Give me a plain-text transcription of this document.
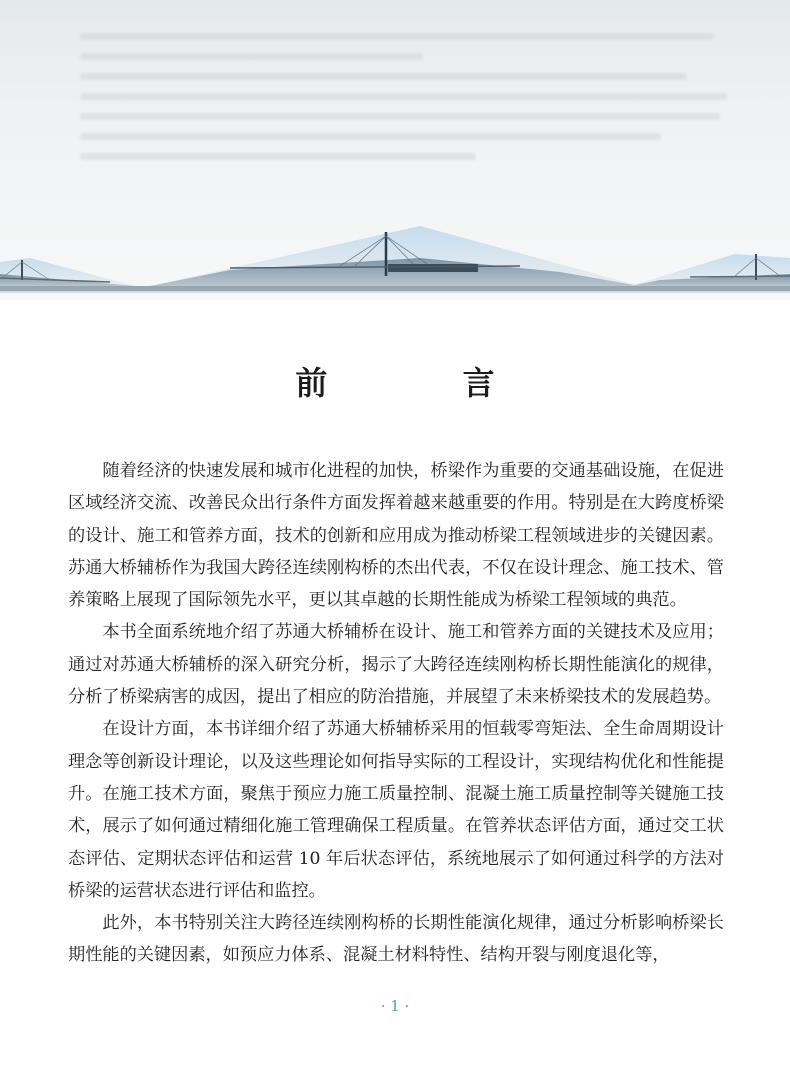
前 言

随着经济的快速发展和城市化进程的加快，桥梁作为重要的交通基础设施，在促进区域经济交流、改善民众出行条件方面发挥着越来越重要的作用。特别是在大跨度桥梁的设计、施工和管养方面，技术的创新和应用成为推动桥梁工程领域进步的关键因素。苏通大桥辅桥作为我国大跨径连续刚构桥的杰出代表，不仅在设计理念、施工技术、管养策略上展现了国际领先水平，更以其卓越的长期性能成为桥梁工程领域的典范。

本书全面系统地介绍了苏通大桥辅桥在设计、施工和管养方面的关键技术及应用；通过对苏通大桥辅桥的深入研究分析，揭示了大跨径连续刚构桥长期性能演化的规律，分析了桥梁病害的成因，提出了相应的防治措施，并展望了未来桥梁技术的发展趋势。

在设计方面，本书详细介绍了苏通大桥辅桥采用的恒载零弯矩法、全生命周期设计理念等创新设计理论，以及这些理论如何指导实际的工程设计，实现结构优化和性能提升。在施工技术方面，聚焦于预应力施工质量控制、混凝土施工质量控制等关键施工技术，展示了如何通过精细化施工管理确保工程质量。在管养状态评估方面，通过交工状态评估、定期状态评估和运营 10 年后状态评估，系统地展示了如何通过科学的方法对桥梁的运营状态进行评估和监控。

此外，本书特别关注大跨径连续刚构桥的长期性能演化规律，通过分析影响桥梁长期性能的关键因素，如预应力体系、混凝土材料特性、结构开裂与刚度退化等，

· 1 ·
